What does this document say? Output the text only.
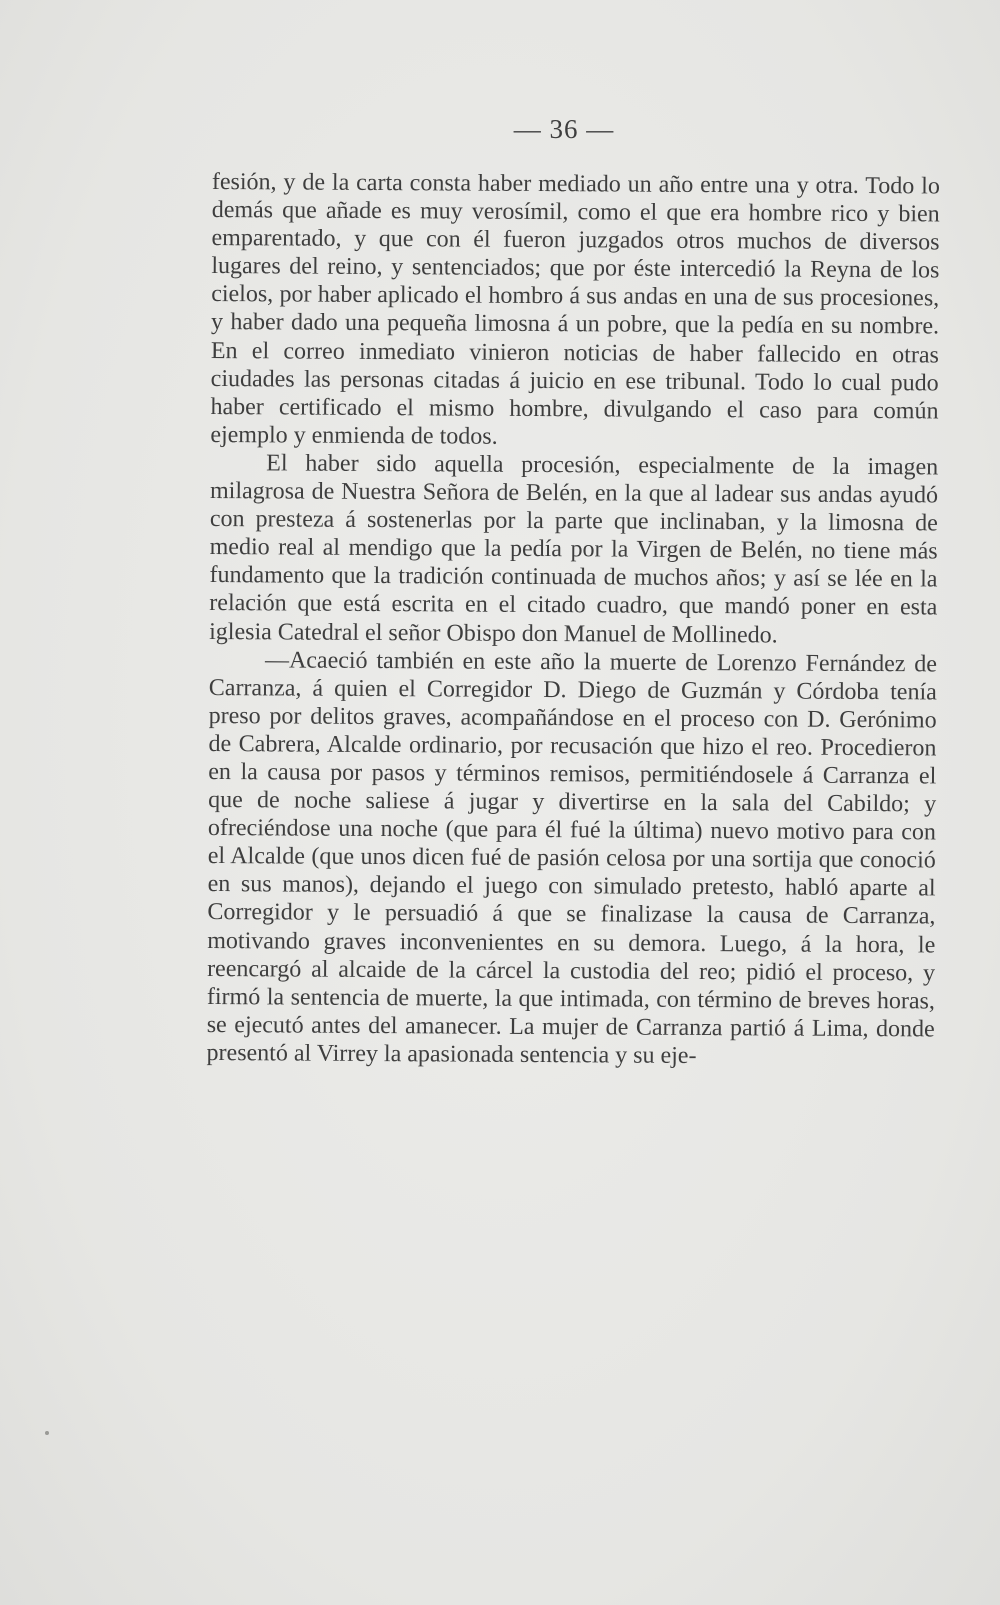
— 36 —

fesión, y de la carta consta haber mediado un año entre una y otra. Todo lo demás que añade es muy verosímil, como el que era hombre rico y bien emparentado, y que con él fueron juzgados otros muchos de diversos lugares del reino, y sentenciados; que por éste intercedió la Reyna de los cielos, por haber aplicado el hombro á sus andas en una de sus procesiones, y haber dado una pequeña limosna á un pobre, que la pedía en su nombre. En el correo inmediato vinieron noticias de haber fallecido en otras ciudades las personas citadas á juicio en ese tribunal. Todo lo cual pudo haber certificado el mismo hombre, divulgando el caso para común ejemplo y enmienda de todos.

El haber sido aquella procesión, especialmente de la imagen milagrosa de Nuestra Señora de Belén, en la que al ladear sus andas ayudó con presteza á sostenerlas por la parte que inclinaban, y la limosna de medio real al mendigo que la pedía por la Virgen de Belén, no tiene más fundamento que la tradición continuada de muchos años; y así se lée en la relación que está escrita en el citado cuadro, que mandó poner en esta iglesia Catedral el señor Obispo don Manuel de Mollinedo.

—Acaeció también en este año la muerte de Lorenzo Fernández de Carranza, á quien el Corregidor D. Diego de Guzmán y Córdoba tenía preso por delitos graves, acompañándose en el proceso con D. Gerónimo de Cabrera, Alcalde ordinario, por recusación que hizo el reo. Procedieron en la causa por pasos y términos remisos, permitiéndosele á Carranza el que de noche saliese á jugar y divertirse en la sala del Cabildo; y ofreciéndose una noche (que para él fué la última) nuevo motivo para con el Alcalde (que unos dicen fué de pasión celosa por una sortija que conoció en sus manos), dejando el juego con simulado pretesto, habló aparte al Corregidor y le persuadió á que se finalizase la causa de Carranza, motivando graves inconvenientes en su demora. Luego, á la hora, le reencargó al alcaide de la cárcel la custodia del reo; pidió el proceso, y firmó la sentencia de muerte, la que intimada, con término de breves horas, se ejecutó antes del amanecer. La mujer de Carranza partió á Lima, donde presentó al Virrey la apasionada sentencia y su eje-
